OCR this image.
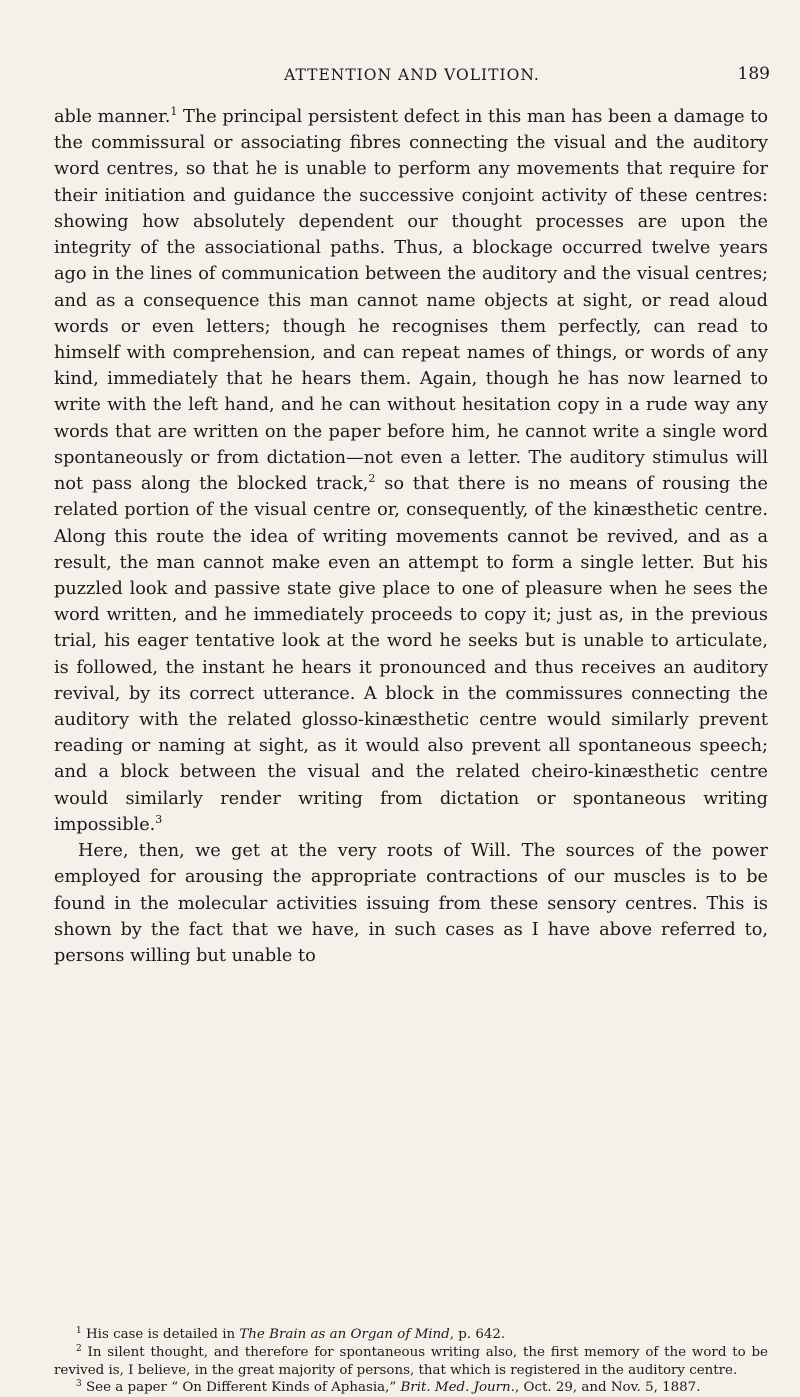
ATTENTION AND VOLITION.	189

able manner.$^1$ The principal persistent defect in this man has been a damage to the commissural or associating fibres connecting the visual and the auditory word centres, so that he is unable to perform any movements that require for their initiation and guidance the successive conjoint activity of these centres: showing how absolutely dependent our thought processes are upon the integrity of the associational paths. Thus, a blockage occurred twelve years ago in the lines of communication between the auditory and the visual centres; and as a consequence this man cannot name objects at sight, or read aloud words or even letters; though he recognises them perfectly, can read to himself with comprehension, and can repeat names of things, or words of any kind, immediately that he hears them. Again, though he has now learned to write with the left hand, and he can without hesitation copy in a rude way any words that are written on the paper before him, he cannot write a single word spontaneously or from dictation—not even a letter. The auditory stimulus will not pass along the blocked track,$^2$ so that there is no means of rousing the related portion of the visual centre or, consequently, of the kinæsthetic centre. Along this route the idea of writing movements cannot be revived, and as a result, the man cannot make even an attempt to form a single letter. But his puzzled look and passive state give place to one of pleasure when he sees the word written, and he immediately proceeds to copy it; just as, in the previous trial, his eager tentative look at the word he seeks but is unable to articulate, is followed, the instant he hears it pronounced and thus receives an auditory revival, by its correct utterance. A block in the commissures connecting the auditory with the related glosso-kinæsthetic centre would similarly prevent reading or naming at sight, as it would also prevent all spontaneous speech; and a block between the visual and the related cheiro-kinæsthetic centre would similarly render writing from dictation or spontaneous writing impossible.$^3$

Here, then, we get at the very roots of Will. The sources of the power employed for arousing the appropriate contractions of our muscles is to be found in the molecular activities issuing from these sensory centres. This is shown by the fact that we have, in such cases as I have above referred to, persons willing but unable to

$^1$ His case is detailed in The Brain as an Organ of Mind, p. 642.

$^2$ In silent thought, and therefore for spontaneous writing also, the first memory of the word to be revived is, I believe, in the great majority of persons, that which is registered in the auditory centre.

$^3$ See a paper “ On Different Kinds of Aphasia,” Brit. Med. Journ., Oct. 29, and Nov. 5, 1887.
